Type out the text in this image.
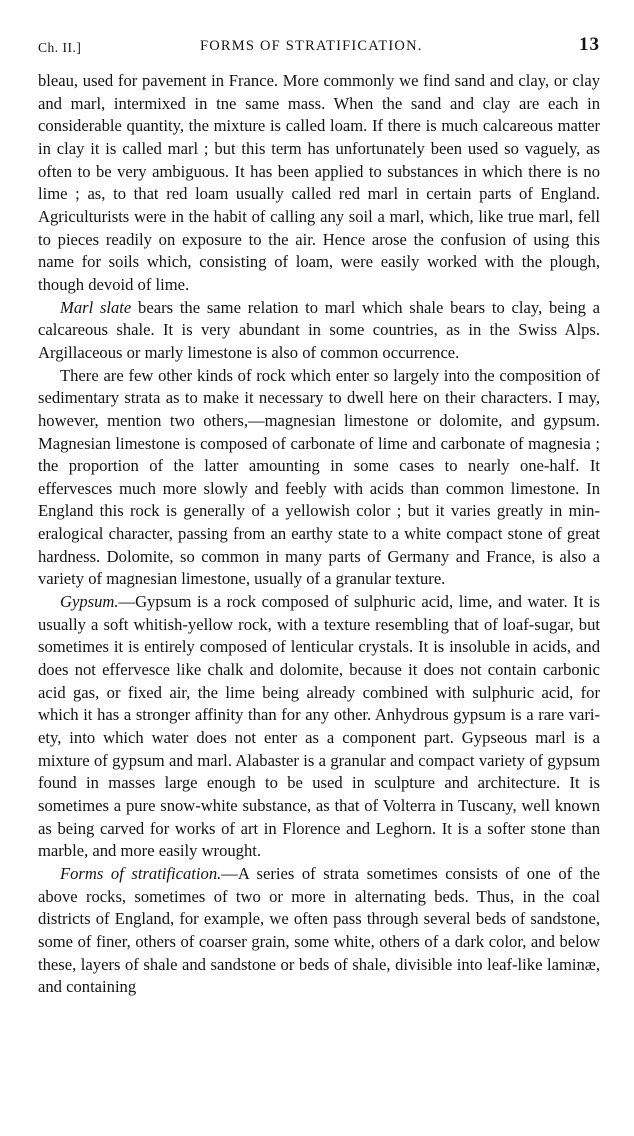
Ch. II.]	FORMS OF STRATIFICATION.	13

bleau, used for pavement in France. More commonly we find sand and clay, or clay and marl, intermixed in tne same mass. When the sand and clay are each in considerable quantity, the mixture is called loam. If there is much calcareous matter in clay it is called marl ; but this term has unfortunately been used so vaguely, as often to be very ambiguous. It has been applied to substances in which there is no lime ; as, to that red loam usually called red marl in certain parts of England. Agriculturists were in the habit of calling any soil a marl, which, like true marl, fell to pieces readily on exposure to the air. Hence arose the confusion of using this name for soils which, consisting of loam, were easily worked with the plough, though devoid of lime.

Marl slate bears the same relation to marl which shale bears to clay, being a calcareous shale. It is very abundant in some countries, as in the Swiss Alps. Argillaceous or marly limestone is also of common occurrence.

There are few other kinds of rock which enter so largely into the composition of sedimentary strata as to make it necessary to dwell here on their characters. I may, however, mention two others,—magnesian limestone or dolomite, and gypsum. Magnesian limestone is composed of carbonate of lime and carbonate of magnesia ; the proportion of the latter amounting in some cases to nearly one-half. It effervesces much more slowly and feebly with acids than common limestone. In England this rock is generally of a yellowish color ; but it varies greatly in mineralogical character, passing from an earthy state to a white compact stone of great hardness. Dolomite, so common in many parts of Germany and France, is also a variety of magnesian limestone, usually of a granular texture.

Gypsum.—Gypsum is a rock composed of sulphuric acid, lime, and water. It is usually a soft whitish-yellow rock, with a texture resembling that of loaf-sugar, but sometimes it is entirely composed of lenticular crystals. It is insoluble in acids, and does not effervesce like chalk and dolomite, because it does not contain carbonic acid gas, or fixed air, the lime being already combined with sulphuric acid, for which it has a stronger affinity than for any other. Anhydrous gypsum is a rare variety, into which water does not enter as a component part. Gypseous marl is a mixture of gypsum and marl. Alabaster is a granular and compact variety of gypsum found in masses large enough to be used in sculpture and architecture. It is sometimes a pure snow-white substance, as that of Volterra in Tuscany, well known as being carved for works of art in Florence and Leghorn. It is a softer stone than marble, and more easily wrought.

Forms of stratification.—A series of strata sometimes consists of one of the above rocks, sometimes of two or more in alternating beds. Thus, in the coal districts of England, for example, we often pass through several beds of sandstone, some of finer, others of coarser grain, some white, others of a dark color, and below these, layers of shale and sandstone or beds of shale, divisible into leaf-like laminæ, and containing
